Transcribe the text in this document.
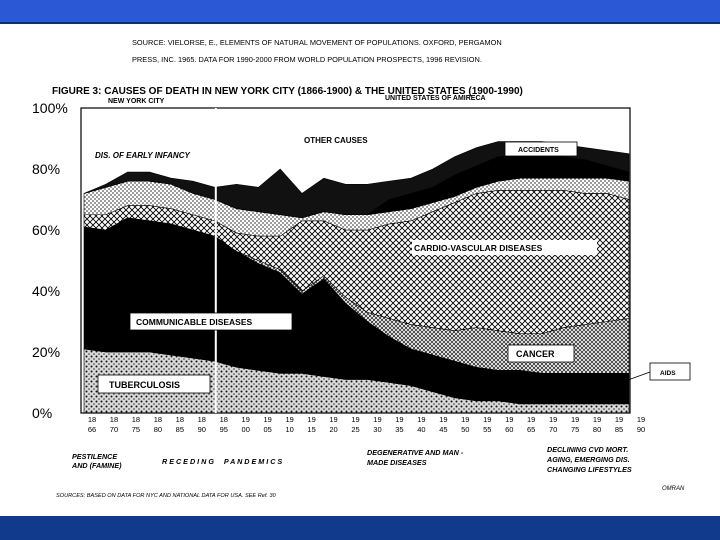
SOURCE: VIELORSE, E., ELEMENTS OF NATURAL MOVEMENT OF POPULATIONS. OXFORD, PERGAMON
PRESS, INC. 1965. DATA FOR 1990-2000 FROM WORLD POPULATION PROSPECTS, 1996 REVISION.
FIGURE 3: CAUSES OF DEATH IN NEW YORK CITY (1866-1900) & THE UNITED STATES (1900-1990)
NEW YORK CITY	UNITED STATES OF AMIRECA
0%
20%
40%
60%
80%
100%
18
66
18
70
18
75
18
80
18
85
18
90
18
95
19
00
19
05
19
10
19
15
19
20
19
25
19
30
19
35
19
40
19
45
19
50
19
55
19
60
19
65
19
70
19
75
19
80
19
85
19
90
OTHER CAUSES
DIS. OF EARLY INFANCY
ACCIDENTS
CARDIO-VASCULAR DISEASES
COMMUNICABLE DISEASES
CANCER
TUBERCULOSIS
AIDS
PESTILENCE
AND (FAMINE)	R E C E D I N G     P A N D E M I C S
DEGENERATIVE AND MAN -
MADE DISEASES
DECLINING CVD MORT.
AGING, EMERGING DIS.
CHANGING LIFESTYLES
SOURCES: BASED ON DATA FOR NYC AND NATIONAL DATA FOR USA. SEE Ref. 30
OMRAN
